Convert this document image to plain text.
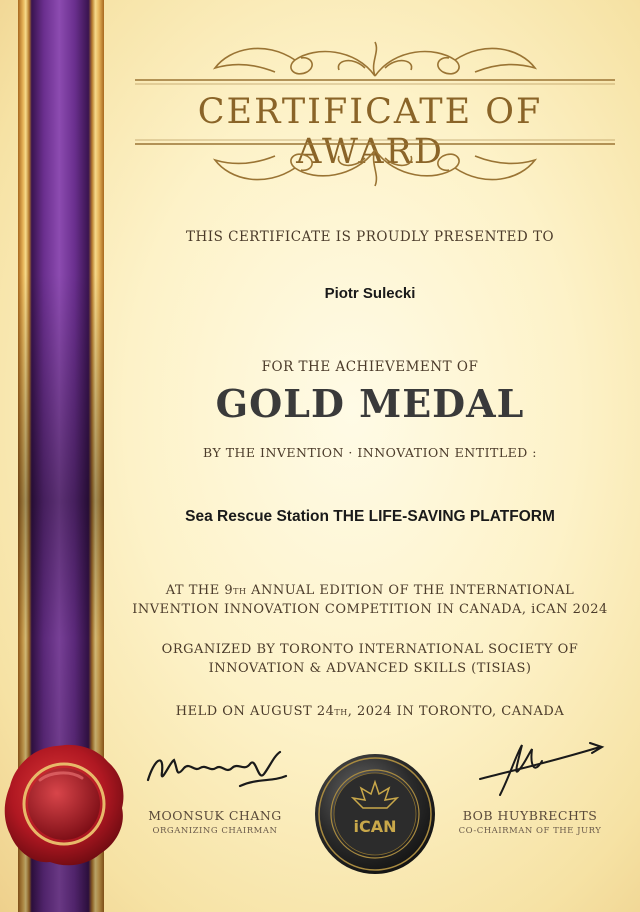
CERTIFICATE OF AWARD
THIS CERTIFICATE IS PROUDLY PRESENTED TO
Piotr Sulecki
FOR THE ACHIEVEMENT OF
GOLD MEDAL
BY THE INVENTION · INNOVATION ENTITLED :
Sea Rescue Station THE LIFE-SAVING PLATFORM
AT THE 9TH ANNUAL EDITION OF THE INTERNATIONAL
INVENTION INNOVATION COMPETITION IN CANADA, iCAN 2024
ORGANIZED BY TORONTO INTERNATIONAL SOCIETY OF
INNOVATION & ADVANCED SKILLS (TISIAS)
HELD ON AUGUST 24TH, 2024 IN TORONTO, CANADA
MOONSUK CHANG
ORGANIZING CHAIRMAN
BOB HUYBRECHTS
CO-CHAIRMAN OF THE JURY
iCAN
